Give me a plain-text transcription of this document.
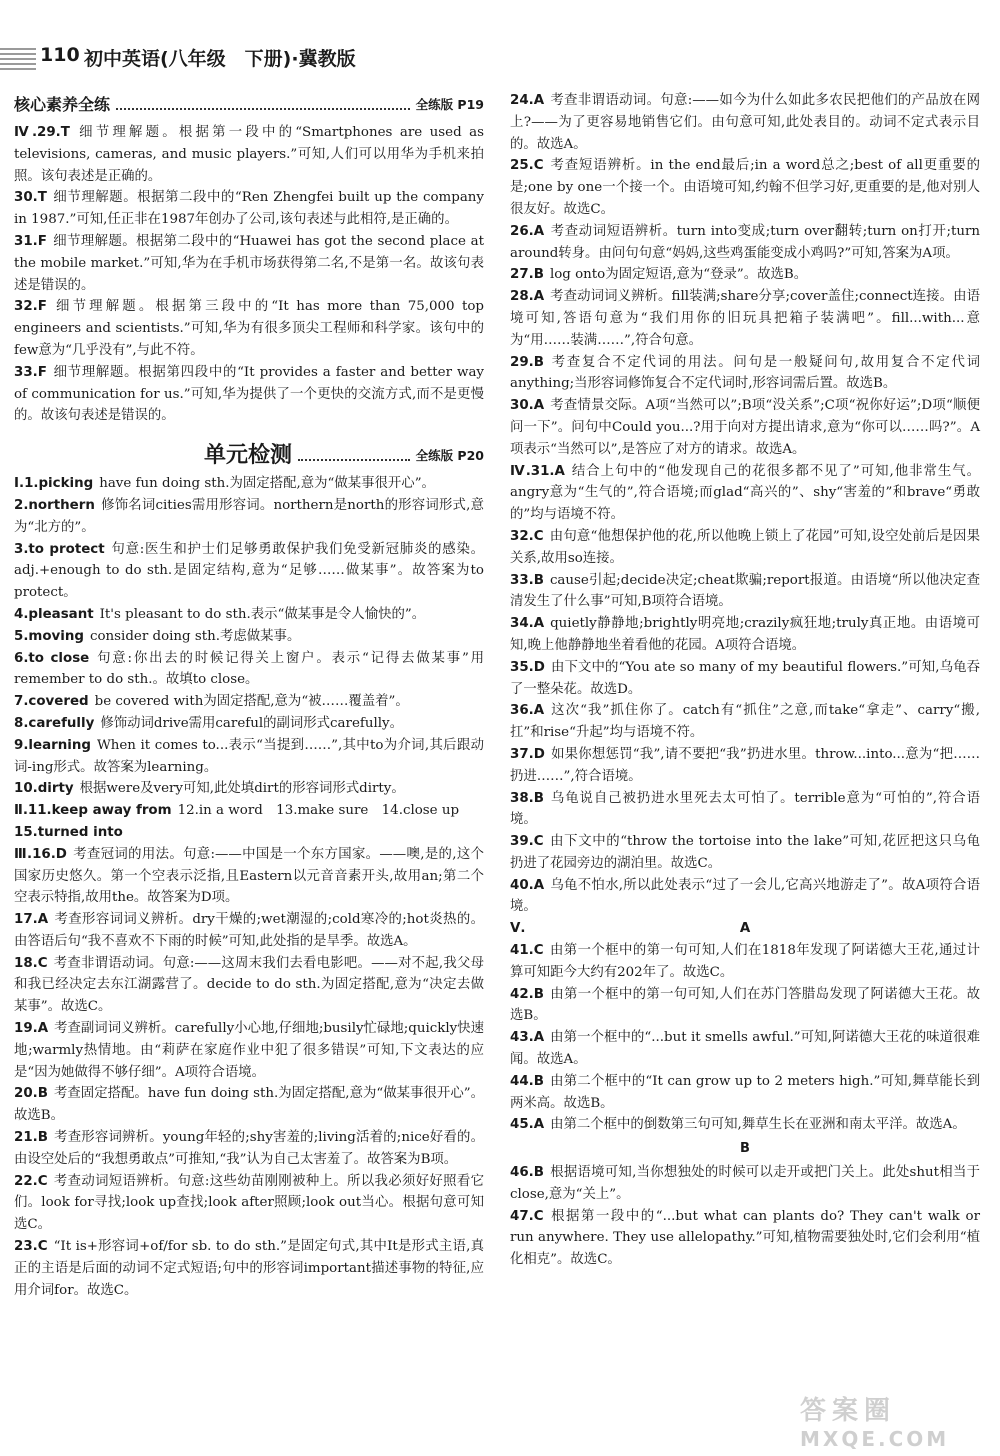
110 初中英语(八年级　下册)·冀教版
核心素养全练	全练版 P19

Ⅳ.29.T 细节理解题。根据第一段中的“Smartphones are used as televisions, cameras, and music players.”可知,人们可以用华为手机来拍照。该句表述是正确的。

30.T 细节理解题。根据第二段中的“Ren Zhengfei built up the company in 1987.”可知,任正非在1987年创办了公司,该句表述与此相符,是正确的。

31.F 细节理解题。根据第二段中的“Huawei has got the second place at the mobile market.”可知,华为在手机市场获得第二名,不是第一名。故该句表述是错误的。

32.F 细节理解题。根据第三段中的“It has more than 75,000 top engineers and scientists.”可知,华为有很多顶尖工程师和科学家。该句中的few意为“几乎没有”,与此不符。

33.F 细节理解题。根据第四段中的“It provides a faster and better way of communication for us.”可知,华为提供了一个更快的交流方式,而不是更慢的。故该句表述是错误的。

单元检测	全练版 P20

Ⅰ.1.picking have fun doing sth.为固定搭配,意为“做某事很开心”。

2.northern 修饰名词cities需用形容词。northern是north的形容词形式,意为“北方的”。

3.to protect 句意:医生和护士们足够勇敢保护我们免受新冠肺炎的感染。adj.+enough to do sth.是固定结构,意为“足够……做某事”。故答案为to protect。

4.pleasant It's pleasant to do sth.表示“做某事是令人愉快的”。

5.moving consider doing sth.考虑做某事。

6.to close 句意:你出去的时候记得关上窗户。表示“记得去做某事”用remember to do sth.。故填to close。

7.covered be covered with为固定搭配,意为“被……覆盖着”。

8.carefully 修饰动词drive需用careful的副词形式carefully。

9.learning When it comes to...表示“当提到……”,其中to为介词,其后跟动词-ing形式。故答案为learning。

10.dirty 根据were及very可知,此处填dirt的形容词形式dirty。

Ⅱ.11.keep away from 12.in a word　13.make sure　14.close up

15.turned into

Ⅲ.16.D 考查冠词的用法。句意:——中国是一个东方国家。——噢,是的,这个国家历史悠久。第一个空表示泛指,且Eastern以元音音素开头,故用an;第二个空表示特指,故用the。故答案为D项。

17.A 考查形容词词义辨析。dry干燥的;wet潮湿的;cold寒冷的;hot炎热的。由答语后句“我不喜欢不下雨的时候”可知,此处指的是旱季。故选A。

18.C 考查非谓语动词。句意:——这周末我们去看电影吧。——对不起,我父母和我已经决定去东江湖露营了。decide to do sth.为固定搭配,意为“决定去做某事”。故选C。

19.A 考查副词词义辨析。carefully小心地,仔细地;busily忙碌地;quickly快速地;warmly热情地。由“莉萨在家庭作业中犯了很多错误”可知,下文表达的应是“因为她做得不够仔细”。A项符合语境。

20.B 考查固定搭配。have fun doing sth.为固定搭配,意为“做某事很开心”。故选B。

21.B 考查形容词辨析。young年轻的;shy害羞的;living活着的;nice好看的。由设空处后的“我想勇敢点”可推知,“我”认为自己太害羞了。故答案为B项。

22.C 考查动词短语辨析。句意:这些幼苗刚刚被种上。所以我必须好好照看它们。look for寻找;look up查找;look after照顾;look out当心。根据句意可知选C。

23.C “It is+形容词+of/for sb. to do sth.”是固定句式,其中It是形式主语,真正的主语是后面的动词不定式短语;句中的形容词important描述事物的特征,应用介词for。故选C。

24.A 考查非谓语动词。句意:——如今为什么如此多农民把他们的产品放在网上?——为了更容易地销售它们。由句意可知,此处表目的。动词不定式表示目的。故选A。

25.C 考查短语辨析。in the end最后;in a word总之;best of all更重要的是;one by one一个接一个。由语境可知,约翰不但学习好,更重要的是,他对别人很友好。故选C。

26.A 考查动词短语辨析。turn into变成;turn over翻转;turn on打开;turn around转身。由问句句意“妈妈,这些鸡蛋能变成小鸡吗?”可知,答案为A项。

27.B log onto为固定短语,意为“登录”。故选B。

28.A 考查动词词义辨析。fill装满;share分享;cover盖住;connect连接。由语境可知,答语句意为“我们用你的旧玩具把箱子装满吧”。fill...with...意为“用……装满……”,符合句意。

29.B 考查复合不定代词的用法。问句是一般疑问句,故用复合不定代词anything;当形容词修饰复合不定代词时,形容词需后置。故选B。

30.A 考查情景交际。A项“当然可以”;B项“没关系”;C项“祝你好运”;D项“顺便问一下”。问句中Could you...?用于向对方提出请求,意为“你可以……吗?”。A项表示“当然可以”,是答应了对方的请求。故选A。

Ⅳ.31.A 结合上句中的“他发现自己的花很多都不见了”可知,他非常生气。angry意为“生气的”,符合语境;而glad“高兴的”、shy“害羞的”和brave“勇敢的”均与语境不符。

32.C 由句意“他想保护他的花,所以他晚上锁上了花园”可知,设空处前后是因果关系,故用so连接。

33.B cause引起;decide决定;cheat欺骗;report报道。由语境“所以他决定查清发生了什么事”可知,B项符合语境。

34.A quietly静静地;brightly明亮地;crazily疯狂地;truly真正地。由语境可知,晚上他静静地坐着看他的花园。A项符合语境。

35.D 由下文中的“You ate so many of my beautiful flowers.”可知,乌龟吞了一整朵花。故选D。

36.A 这次“我”抓住你了。catch有“抓住”之意,而take“拿走”、carry“搬,扛”和rise“升起”均与语境不符。

37.D 如果你想惩罚“我”,请不要把“我”扔进水里。throw...into...意为“把……扔进……”,符合语境。

38.B 乌龟说自己被扔进水里死去太可怕了。terrible意为“可怕的”,符合语境。

39.C 由下文中的“throw the tortoise into the lake”可知,花匠把这只乌龟扔进了花园旁边的湖泊里。故选C。

40.A 乌龟不怕水,所以此处表示“过了一会儿,它高兴地游走了”。故A项符合语境。

Ⅴ.	A

41.C 由第一个框中的第一句可知,人们在1818年发现了阿诺德大王花,通过计算可知距今大约有202年了。故选C。

42.B 由第一个框中的第一句可知,人们在苏门答腊岛发现了阿诺德大王花。故选B。

43.A 由第一个框中的“...but it smells awful.”可知,阿诺德大王花的味道很难闻。故选A。

44.B 由第二个框中的“It can grow up to 2 meters high.”可知,舞草能长到两米高。故选B。

45.A 由第二个框中的倒数第三句可知,舞草生长在亚洲和南太平洋。故选A。

B

46.B 根据语境可知,当你想独处的时候可以走开或把门关上。此处shut相当于close,意为“关上”。

47.C 根据第一段中的“...but what can plants do? They can't walk or run anywhere. They use allelopathy.”可知,植物需要独处时,它们会利用“植化相克”。故选C。

答案圈
MXQE.COM
